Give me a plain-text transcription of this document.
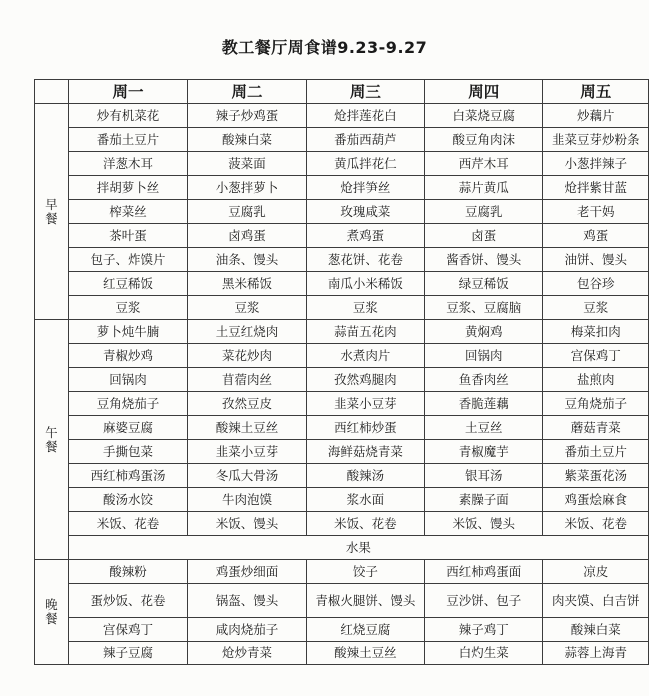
教工餐厅周食谱9.23-9.27
	周一	周二	周三	周四	周五

早
餐	炒有机菜花	辣子炒鸡蛋	炝拌莲花白	白菜烧豆腐	炒藕片
	番茄土豆片	酸辣白菜	番茄西葫芦	酸豆角肉沫	韭菜豆芽炒粉条
	洋葱木耳	菠菜面	黄瓜拌花仁	西芹木耳	小葱拌辣子
	拌胡萝卜丝	小葱拌萝卜	炝拌笋丝	蒜片黄瓜	炝拌紫甘蓝
	榨菜丝	豆腐乳	玫瑰咸菜	豆腐乳	老干妈
	茶叶蛋	卤鸡蛋	煮鸡蛋	卤蛋	鸡蛋
	包子、炸馍片	油条、馒头	葱花饼、花卷	酱香饼、馒头	油饼、馒头
	红豆稀饭	黑米稀饭	南瓜小米稀饭	绿豆稀饭	包谷珍
	豆浆	豆浆	豆浆	豆浆、豆腐脑	豆浆

午
餐	萝卜炖牛腩	土豆红烧肉	蒜苗五花肉	黄焖鸡	梅菜扣肉
	青椒炒鸡	菜花炒肉	水煮肉片	回锅肉	宫保鸡丁
	回锅肉	苜蓿肉丝	孜然鸡腿肉	鱼香肉丝	盐煎肉
	豆角烧茄子	孜然豆皮	韭菜小豆芽	香脆莲藕	豆角烧茄子
	麻婆豆腐	酸辣土豆丝	西红柿炒蛋	土豆丝	蘑菇青菜
	手撕包菜	韭菜小豆芽	海鲜菇烧青菜	青椒魔芋	番茄土豆片
	西红柿鸡蛋汤	冬瓜大骨汤	酸辣汤	银耳汤	紫菜蛋花汤
	酸汤水饺	牛肉泡馍	浆水面	素臊子面	鸡蛋烩麻食
	米饭、花卷	米饭、馒头	米饭、花卷	米饭、馒头	米饭、花卷
	水果				

晚
餐	酸辣粉	鸡蛋炒细面	饺子	西红柿鸡蛋面	凉皮
	蛋炒饭、花卷	锅盔、馒头	青椒火腿饼、馒头	豆沙饼、包子	肉夹馍、白吉饼
	宫保鸡丁	咸肉烧茄子	红烧豆腐	辣子鸡丁	酸辣白菜
	辣子豆腐	炝炒青菜	酸辣土豆丝	白灼生菜	蒜蓉上海青
